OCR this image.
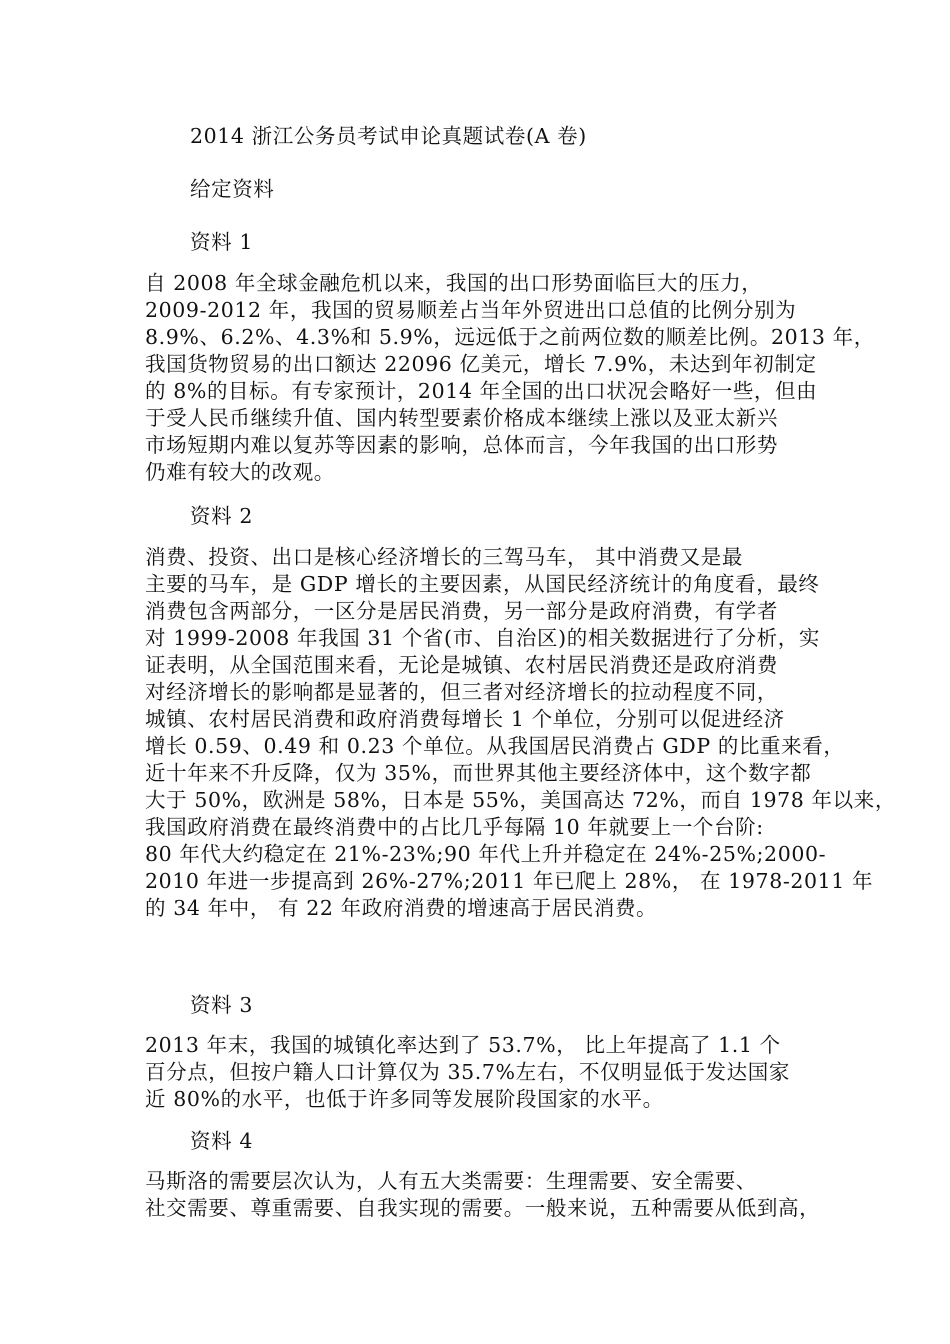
2014 浙江公务员考试申论真题试卷(A 卷)
给定资料
资料 1
自 2008 年全球金融危机以来，我国的出口形势面临巨大的压力，
2009-2012 年，我国的贸易顺差占当年外贸进出口总值的比例分别为
8.9%、6.2%、4.3%和 5.9%，远远低于之前两位数的顺差比例。2013 年，
我国货物贸易的出口额达 22096 亿美元，增长 7.9%，未达到年初制定
的 8%的目标。有专家预计，2014 年全国的出口状况会略好一些，但由
于受人民币继续升值、国内转型要素价格成本继续上涨以及亚太新兴
市场短期内难以复苏等因素的影响，总体而言，今年我国的出口形势
仍难有较大的改观。
资料 2
消费、投资、出口是核心经济增长的三驾马车， 其中消费又是最
主要的马车，是 GDP 增长的主要因素，从国民经济统计的角度看，最终
消费包含两部分，一区分是居民消费，另一部分是政府消费，有学者
对 1999-2008 年我国 31 个省(市、自治区)的相关数据进行了分析，实
证表明，从全国范围来看，无论是城镇、农村居民消费还是政府消费
对经济增长的影响都是显著的，但三者对经济增长的拉动程度不同，
城镇、农村居民消费和政府消费每增长 1 个单位，分别可以促进经济
增长 0.59、0.49 和 0.23 个单位。从我国居民消费占 GDP 的比重来看，
近十年来不升反降，仅为 35%，而世界其他主要经济体中，这个数字都
大于 50%，欧洲是 58%，日本是 55%，美国高达 72%，而自 1978 年以来，
我国政府消费在最终消费中的占比几乎每隔 10 年就要上一个台阶:
80 年代大约稳定在 21%-23%;90 年代上升并稳定在 24%-25%;2000-
2010 年进一步提高到 26%-27%;2011 年已爬上 28%， 在 1978-2011 年
的 34 年中， 有 22 年政府消费的增速高于居民消费。
资料 3
2013 年末，我国的城镇化率达到了 53.7%， 比上年提高了 1.1 个
百分点，但按户籍人口计算仅为 35.7%左右，不仅明显低于发达国家
近 80%的水平，也低于许多同等发展阶段国家的水平。
资料 4
马斯洛的需要层次认为，人有五大类需要：生理需要、安全需要、
社交需要、尊重需要、自我实现的需要。一般来说，五种需要从低到高，
